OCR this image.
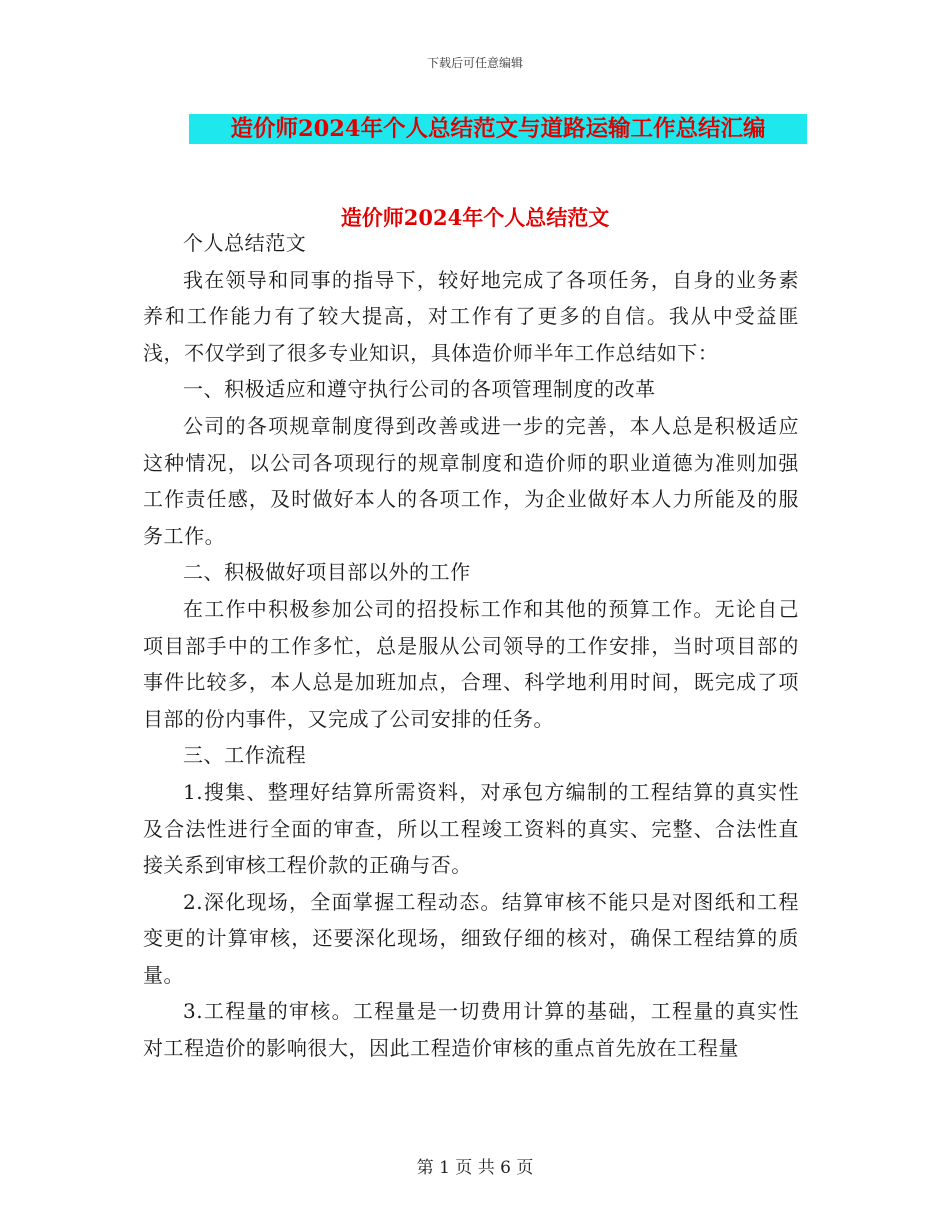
下载后可任意编辑
造价师2024年个人总结范文与道路运输工作总结汇编
造价师2024年个人总结范文

个人总结范文

我在领导和同事的指导下，较好地完成了各项任务，自身的业务素养和工作能力有了较大提高，对工作有了更多的自信。我从中受益匪浅，不仅学到了很多专业知识，具体造价师半年工作总结如下：

一、积极适应和遵守执行公司的各项管理制度的改革

公司的各项规章制度得到改善或进一步的完善，本人总是积极适应这种情况，以公司各项现行的规章制度和造价师的职业道德为准则加强工作责任感，及时做好本人的各项工作，为企业做好本人力所能及的服务工作。

二、积极做好项目部以外的工作

在工作中积极参加公司的招投标工作和其他的预算工作。无论自己项目部手中的工作多忙，总是服从公司领导的工作安排，当时项目部的事件比较多，本人总是加班加点，合理、科学地利用时间，既完成了项目部的份内事件，又完成了公司安排的任务。

三、工作流程

1.搜集、整理好结算所需资料，对承包方编制的工程结算的真实性及合法性进行全面的审查，所以工程竣工资料的真实、完整、合法性直接关系到审核工程价款的正确与否。

2.深化现场，全面掌握工程动态。结算审核不能只是对图纸和工程变更的计算审核，还要深化现场，细致仔细的核对，确保工程结算的质量。

3.工程量的审核。工程量是一切费用计算的基础，工程量的真实性对工程造价的影响很大，因此工程造价审核的重点首先放在工程量

第 1 页 共 6 页
